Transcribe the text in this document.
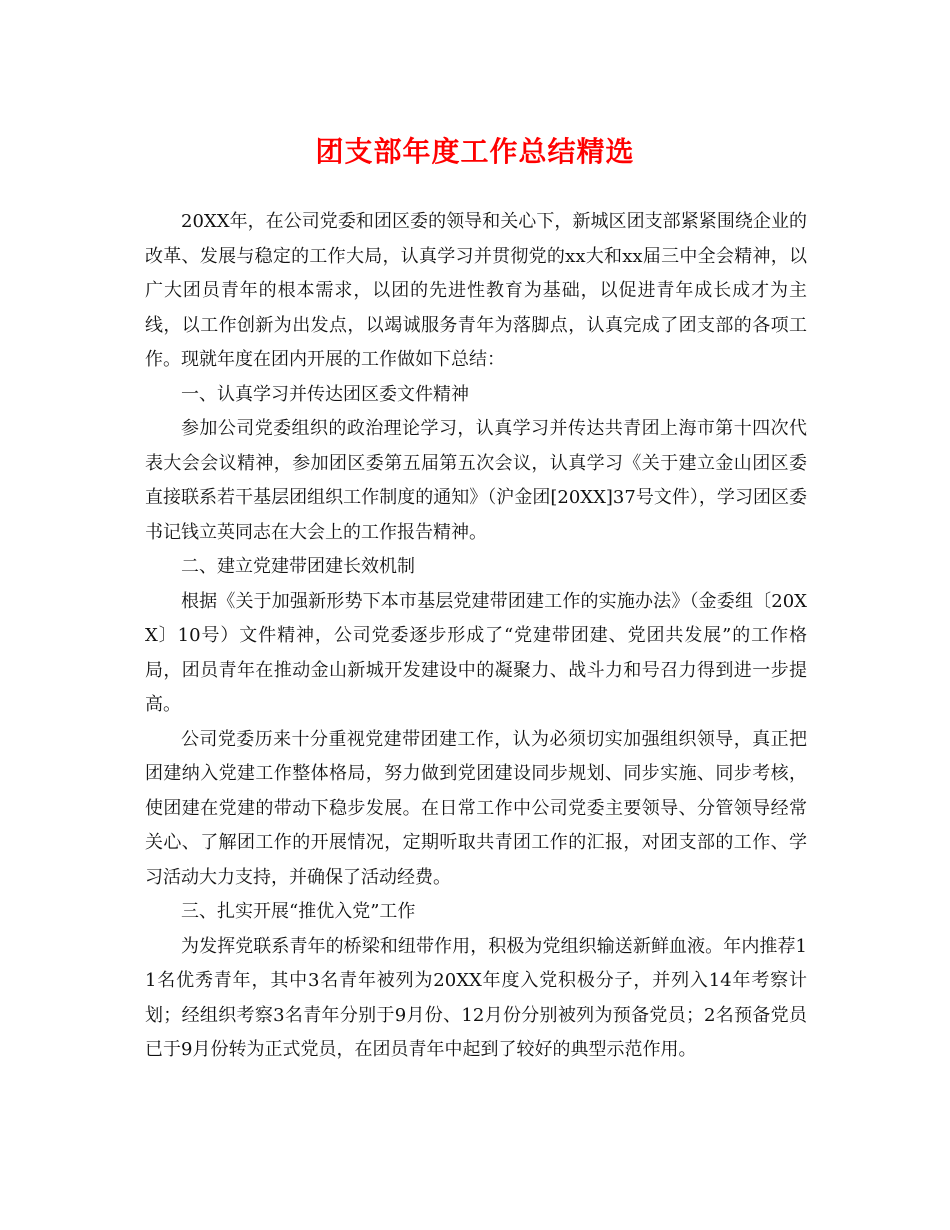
团支部年度工作总结精选

20XX年，在公司党委和团区委的领导和关心下，新城区团支部紧紧围绕企业的改革、发展与稳定的工作大局，认真学习并贯彻党的xx大和xx届三中全会精神，以广大团员青年的根本需求，以团的先进性教育为基础，以促进青年成长成才为主线，以工作创新为出发点，以竭诚服务青年为落脚点，认真完成了团支部的各项工作。现就年度在团内开展的工作做如下总结：

一、认真学习并传达团区委文件精神

参加公司党委组织的政治理论学习，认真学习并传达共青团上海市第十四次代表大会会议精神，参加团区委第五届第五次会议，认真学习《关于建立金山团区委直接联系若干基层团组织工作制度的通知》（沪金团[20XX]37号文件），学习团区委书记钱立英同志在大会上的工作报告精神。

二、建立党建带团建长效机制

根据《关于加强新形势下本市基层党建带团建工作的实施办法》（金委组〔20XX〕10号）文件精神，公司党委逐步形成了“党建带团建、党团共发展”的工作格局，团员青年在推动金山新城开发建设中的凝聚力、战斗力和号召力得到进一步提高。

公司党委历来十分重视党建带团建工作，认为必须切实加强组织领导，真正把团建纳入党建工作整体格局，努力做到党团建设同步规划、同步实施、同步考核，使团建在党建的带动下稳步发展。在日常工作中公司党委主要领导、分管领导经常关心、了解团工作的开展情况，定期听取共青团工作的汇报，对团支部的工作、学习活动大力支持，并确保了活动经费。

三、扎实开展“推优入党”工作

为发挥党联系青年的桥梁和纽带作用，积极为党组织输送新鲜血液。年内推荐11名优秀青年，其中3名青年被列为20XX年度入党积极分子，并列入14年考察计划；经组织考察3名青年分别于9月份、12月份分别被列为预备党员；2名预备党员已于9月份转为正式党员，在团员青年中起到了较好的典型示范作用。
